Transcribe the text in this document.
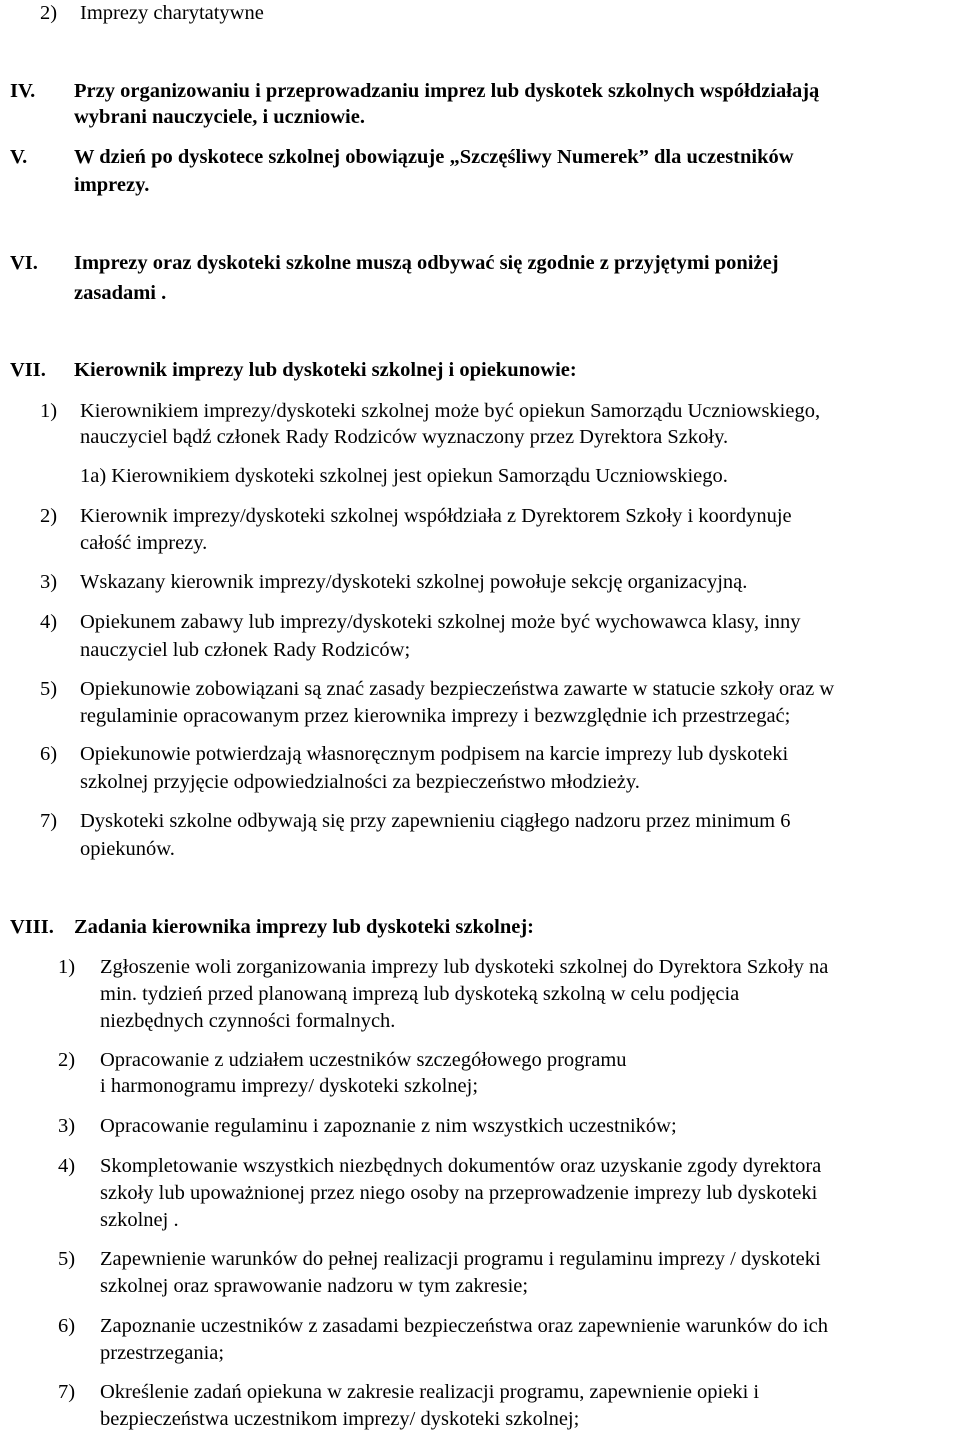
2) Imprezy charytatywne

IV. Przy organizowaniu i przeprowadzaniu imprez lub dyskotek szkolnych współdziałają

wybrani nauczyciele, i uczniowie.

V. W dzień po dyskotece szkolnej obowiązuje „Szczęśliwy Numerek” dla uczestników

imprezy.

VI. Imprezy oraz dyskoteki szkolne muszą odbywać się zgodnie z przyjętymi poniżej

zasadami .

VII. Kierownik imprezy lub dyskoteki szkolnej i opiekunowie:

1) Kierownikiem imprezy/dyskoteki szkolnej może być opiekun Samorządu Uczniowskiego,

nauczyciel bądź członek Rady Rodziców wyznaczony przez Dyrektora Szkoły.

1a) Kierownikiem dyskoteki szkolnej jest opiekun Samorządu Uczniowskiego.

2) Kierownik imprezy/dyskoteki szkolnej współdziała z Dyrektorem Szkoły i koordynuje

całość imprezy.

3) Wskazany kierownik imprezy/dyskoteki szkolnej powołuje sekcję organizacyjną.

4) Opiekunem zabawy lub imprezy/dyskoteki szkolnej może być wychowawca klasy, inny

nauczyciel lub członek Rady Rodziców;

5) Opiekunowie zobowiązani są znać zasady bezpieczeństwa zawarte w statucie szkoły oraz w

regulaminie opracowanym przez kierownika imprezy i bezwzględnie ich przestrzegać;

6) Opiekunowie potwierdzają własnoręcznym podpisem na karcie imprezy lub dyskoteki

szkolnej przyjęcie odpowiedzialności za bezpieczeństwo młodzieży.

7) Dyskoteki szkolne odbywają się przy zapewnieniu ciągłego nadzoru przez minimum 6

opiekunów.

VIII. Zadania kierownika imprezy lub dyskoteki szkolnej:

1) Zgłoszenie woli zorganizowania imprezy lub dyskoteki szkolnej do Dyrektora Szkoły na

min. tydzień przed planowaną imprezą lub dyskoteką szkolną w celu podjęcia

niezbędnych czynności formalnych.

2) Opracowanie z udziałem uczestników szczegółowego programu

i harmonogramu imprezy/ dyskoteki szkolnej;

3) Opracowanie regulaminu i zapoznanie z nim wszystkich uczestników;

4) Skompletowanie wszystkich niezbędnych dokumentów oraz uzyskanie zgody dyrektora

szkoły lub upoważnionej przez niego osoby na przeprowadzenie imprezy lub dyskoteki

szkolnej .

5) Zapewnienie warunków do pełnej realizacji programu i regulaminu imprezy / dyskoteki

szkolnej oraz sprawowanie nadzoru w tym zakresie;

6) Zapoznanie uczestników z zasadami bezpieczeństwa oraz zapewnienie warunków do ich

przestrzegania;

7) Określenie zadań opiekuna w zakresie realizacji programu, zapewnienie opieki i

bezpieczeństwa uczestnikom imprezy/ dyskoteki szkolnej;
